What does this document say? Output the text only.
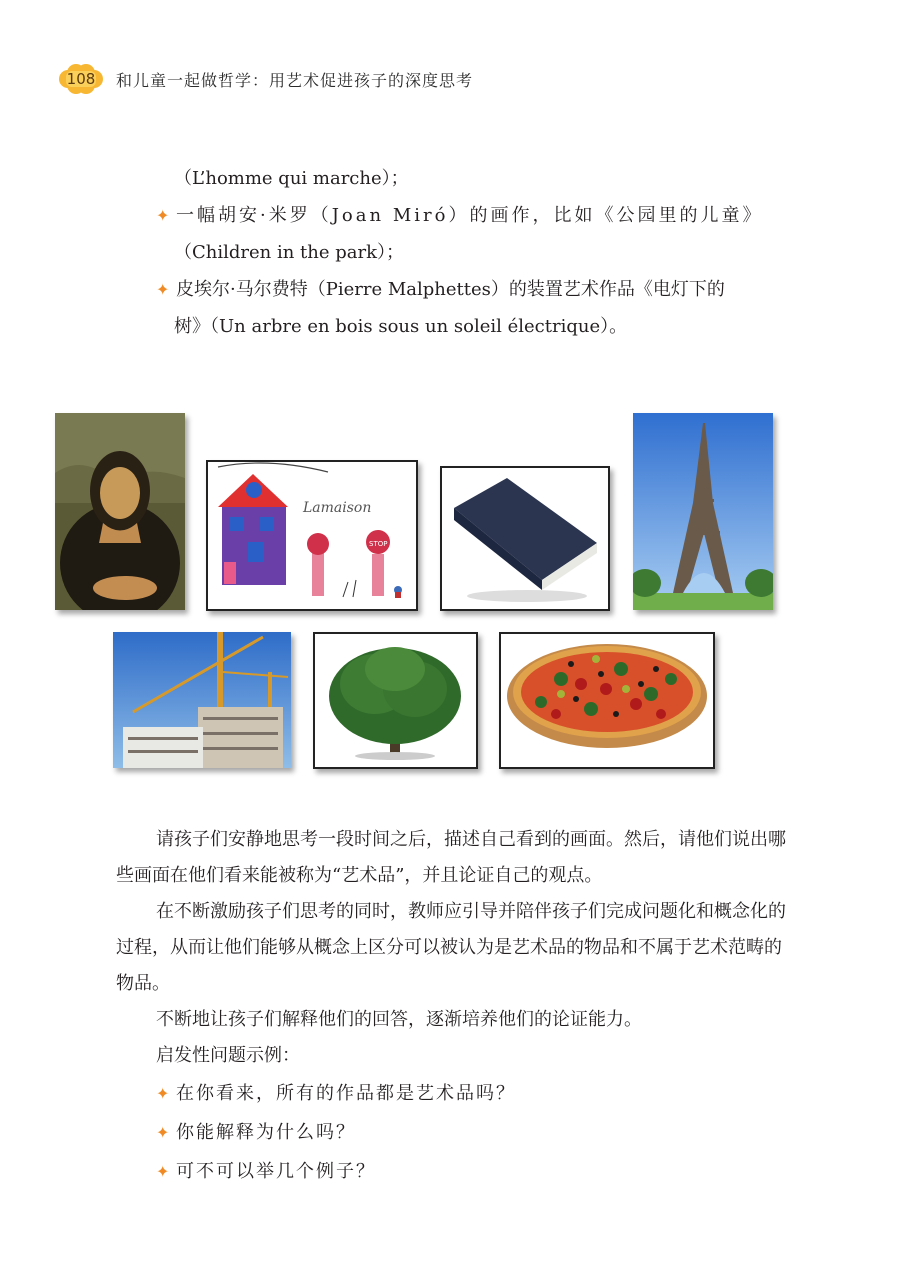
108	和儿童一起做哲学：用艺术促进孩子的深度思考
（L’homme qui marche）；
✦ 一幅胡安·米罗（Joan Miró）的画作，比如《公园里的儿童》
（Children in the park）；
✦ 皮埃尔·马尔费特（Pierre Malphettes）的装置艺术作品《电灯下的
树》（Un arbre en bois sous un soleil électrique）。
Lamaison
STOP

请孩子们安静地思考一段时间之后，描述自己看到的画面。然后，请他们说出哪些画面在他们看来能被称为“艺术品”，并且论证自己的观点。

在不断激励孩子们思考的同时，教师应引导并陪伴孩子们完成问题化和概念化的过程，从而让他们能够从概念上区分可以被认为是艺术品的物品和不属于艺术范畴的物品。

不断地让孩子们解释他们的回答，逐渐培养他们的论证能力。

启发性问题示例：

✦ 在你看来，所有的作品都是艺术品吗？
✦ 你能解释为什么吗？
✦ 可不可以举几个例子？
